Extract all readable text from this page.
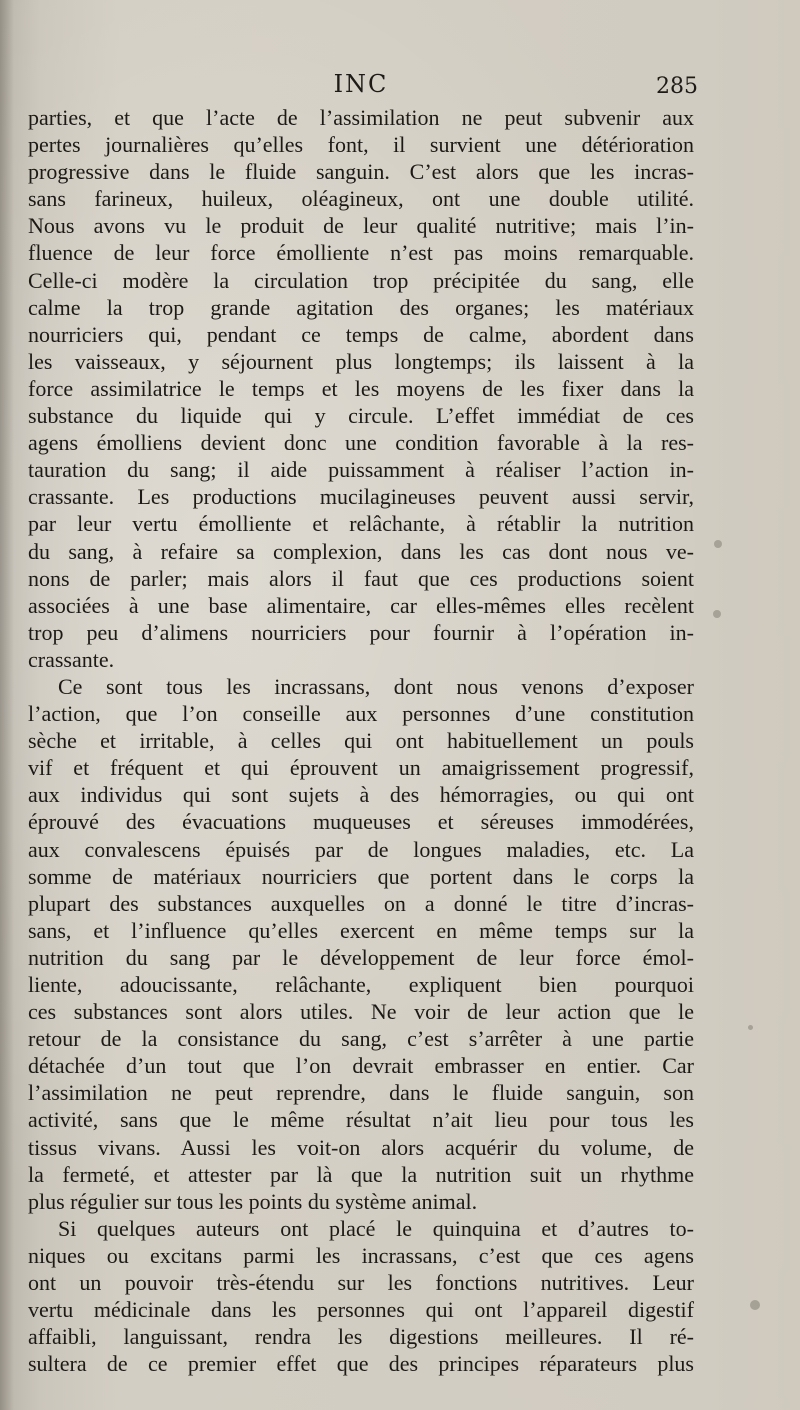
INC	285
parties, et que l’acte de l’assimilation ne peut subvenir aux
pertes journalières qu’elles font, il survient une détérioration
progressive dans le fluide sanguin. C’est alors que les incras-
sans farineux, huileux, oléagineux, ont une double utilité.
Nous avons vu le produit de leur qualité nutritive; mais l’in-
fluence de leur force émolliente n’est pas moins remarquable.
Celle-ci modère la circulation trop précipitée du sang, elle
calme la trop grande agitation des organes; les matériaux
nourriciers qui, pendant ce temps de calme, abordent dans
les vaisseaux, y séjournent plus longtemps; ils laissent à la
force assimilatrice le temps et les moyens de les fixer dans la
substance du liquide qui y circule. L’effet immédiat de ces
agens émolliens devient donc une condition favorable à la res-
tauration du sang; il aide puissamment à réaliser l’action in-
crassante. Les productions mucilagineuses peuvent aussi servir,
par leur vertu émolliente et relâchante, à rétablir la nutrition
du sang, à refaire sa complexion, dans les cas dont nous ve-
nons de parler; mais alors il faut que ces productions soient
associées à une base alimentaire, car elles-mêmes elles recèlent
trop peu d’alimens nourriciers pour fournir à l’opération in-
crassante.
Ce sont tous les incrassans, dont nous venons d’exposer
l’action, que l’on conseille aux personnes d’une constitution
sèche et irritable, à celles qui ont habituellement un pouls
vif et fréquent et qui éprouvent un amaigrissement progressif,
aux individus qui sont sujets à des hémorragies, ou qui ont
éprouvé des évacuations muqueuses et séreuses immodérées,
aux convalescens épuisés par de longues maladies, etc. La
somme de matériaux nourriciers que portent dans le corps la
plupart des substances auxquelles on a donné le titre d’incras-
sans, et l’influence qu’elles exercent en même temps sur la
nutrition du sang par le développement de leur force émol-
liente, adoucissante, relâchante, expliquent bien pourquoi
ces substances sont alors utiles. Ne voir de leur action que le
retour de la consistance du sang, c’est s’arrêter à une partie
détachée d’un tout que l’on devrait embrasser en entier. Car
l’assimilation ne peut reprendre, dans le fluide sanguin, son
activité, sans que le même résultat n’ait lieu pour tous les
tissus vivans. Aussi les voit-on alors acquérir du volume, de
la fermeté, et attester par là que la nutrition suit un rhythme
plus régulier sur tous les points du système animal.
Si quelques auteurs ont placé le quinquina et d’autres to-
niques ou excitans parmi les incrassans, c’est que ces agens
ont un pouvoir très-étendu sur les fonctions nutritives. Leur
vertu médicinale dans les personnes qui ont l’appareil digestif
affaibli, languissant, rendra les digestions meilleures. Il ré-
sultera de ce premier effet que des principes réparateurs plus
